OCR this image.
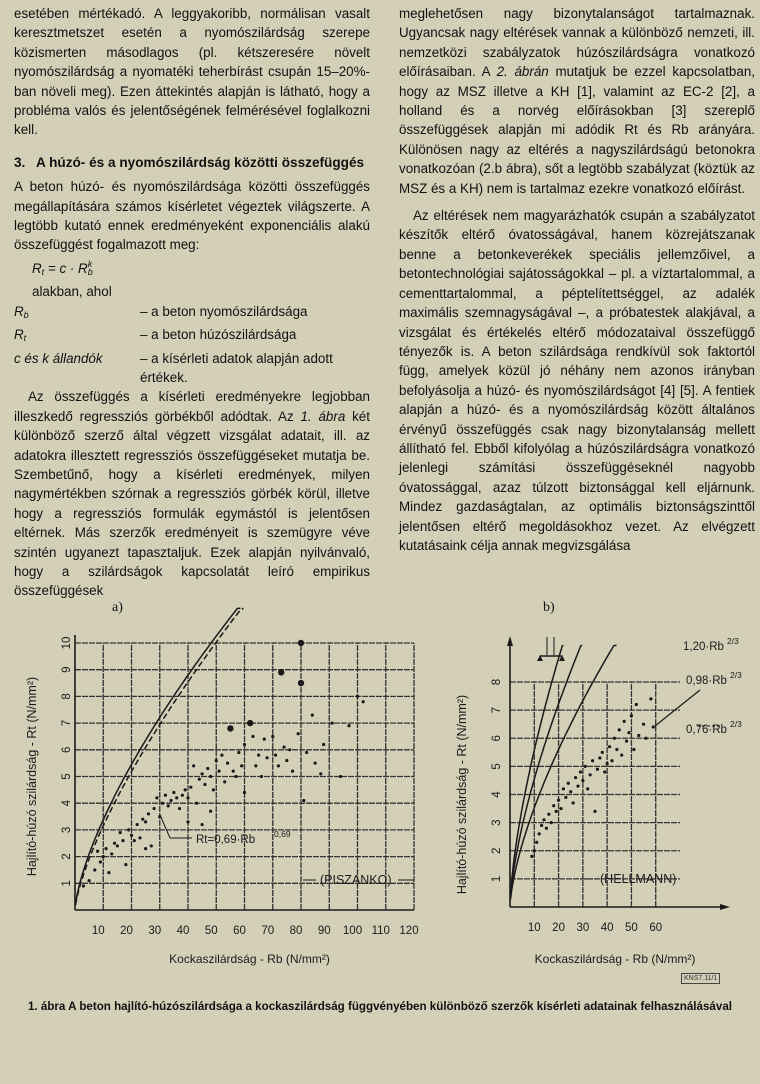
esetében mértékadó. A leggyakoribb, normálisan vasalt keresztmetszet esetén a nyomószilárdság szerepe közismerten másodlagos (pl. kétszeresére növelt nyomószilárdság a nyomatéki teherbírást csupán 15–20%-ban növeli meg). Ezen áttekintés alapján is látható, hogy a probléma valós és jelentőségének felmérésével foglalkozni kell.

3. A húzó- és a nyomószilárdság közötti összefüggés

A beton húzó- és nyomószilárdsága közötti összefüggés megállapítására számos kísérletet végeztek világszerte. A legtöbb kutató ennek eredményeként exponenciális alakú összefüggést fogalmazott meg:

$R_t = c \cdot R_b^k$
alakban, ahol
$R_b$	– a beton nyomószilárdsága
$R_t$	– a beton húzószilárdsága
c és k állandók	– a kísérleti adatok alapján adott értékek.

Az összefüggés a kísérleti eredményekre legjobban illeszkedő regressziós görbékből adódtak. Az 1. ábra két különböző szerző által végzett vizsgálat adatait, ill. az adatokra illesztett regressziós összefüggéseket mutatja be. Szembetűnő, hogy a kísérleti eredmények, milyen nagymértékben szórnak a regressziós görbék körül, illetve hogy a regressziós formulák egymástól is jelentősen eltérnek. Más szerzők eredményeit is szemügyre véve szintén ugyanezt tapasztaljuk. Ezek alapján nyilvánvaló, hogy a szilárdságok kapcsolatát leíró empirikus összefüggések

meglehetősen nagy bizonytalanságot tartalmaznak. Ugyancsak nagy eltérések vannak a különböző nemzeti, ill. nemzetközi szabályzatok húzószilárdságra vonatkozó előírásaiban. A 2. ábrán mutatjuk be ezzel kapcsolatban, hogy az MSZ illetve a KH [1], valamint az EC-2 [2], a holland és a norvég előírásokban [3] szereplő összefüggések alapján mi adódik Rt és Rb arányára. Különösen nagy az eltérés a nagyszilárdságú betonokra vonatkozóan (2.b ábra), sőt a legtöbb szabályzat (köztük az MSZ és a KH) nem is tartalmaz ezekre vonatkozó előírást.

Az eltérések nem magyarázhatók csupán a szabályzatot készítők eltérő óvatosságával, hanem közrejátszanak benne a betonkeverékek speciális jellemzőivel, a betontechnológiai sajátosságokkal – pl. a víztartalommal, a cementtartalommal, a péptelítettséggel, az adalék maximális szemnagyságával –, a próbatestek alakjával, a vizsgálat és értékelés eltérő módozataival összefüggő tényezők is. A beton szilárdsága rendkívül sok faktortól függ, amelyek közül jó néhány nem azonos irányban befolyásolja a húzó- és nyomószilárdságot [4] [5]. A fentiek alapján a húzó- és a nyomószilárdság között általános érvényű összefüggés csak nagy bizonytalanság mellett állítható fel. Ebből kifolyólag a húzószilárdságra vonatkozó jelenlegi számítási összefüggéseknél nagyobb óvatossággal, azaz túlzott biztonsággal kell eljárnunk. Mindez gazdaságtalan, az optimális biztonságszinttől jelentősen eltérő megoldásokhoz vezet. Az elvégzett kutatásaink célja annak megvizsgálása

a)	b)
10 20 30 40 50 60 70 80 90 100 110 120
1
2
3
4
5
6
7
8
9
10
Kockaszilárdság - Rb (N/mm²)
Hajlító-húzó szilárdság - Rt (N/mm²)
(PISZANKO)
Rt=0,69·Rb 0,69
10 20 30 40 50 60
1
2
3
4
5
6
7
8
Kockaszilárdság - Rb (N/mm²)
Hajlító-húzó szilárdság - Rt (N/mm²)	(HELLMANN)
1,20·Rb 2/3
0,98·Rb 2/3
0,76·Rb 2/3
KNS7.11/1
1. ábra A beton hajlító-húzószilárdsága a kockaszilárdság függvényében különböző szerzők kísérleti adatainak felhasználásával
